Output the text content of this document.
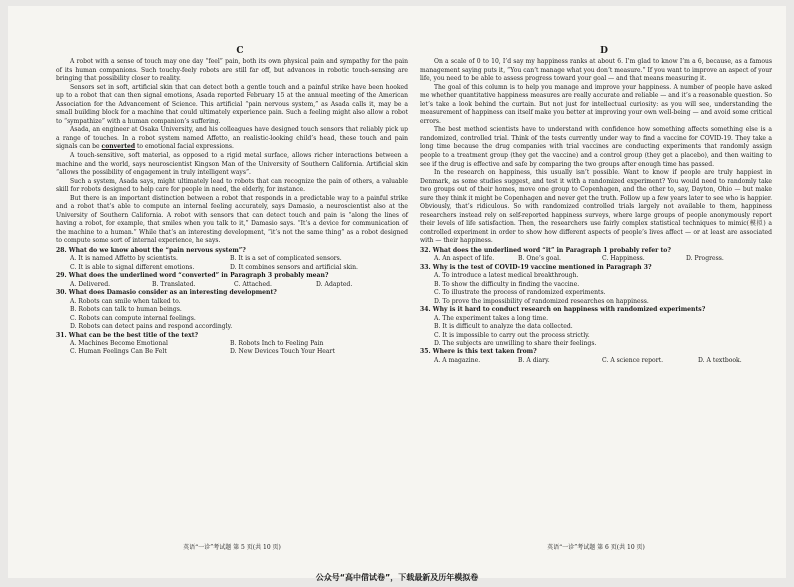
C

A robot with a sense of touch may one day “feel” pain, both its own physical pain and sympathy for the pain of its human companions. Such touchy-feely robots are still far off, but advances in robotic touch-sensing are bringing that possibility closer to reality.

Sensors set in soft, artificial skin that can detect both a gentle touch and a painful strike have been hooked up to a robot that can then signal emotions, Asada reported February 15 at the annual meeting of the American Association for the Advancement of Science. This artificial “pain nervous system,” as Asada calls it, may be a small building block for a machine that could ultimately experience pain. Such a feeling might also allow a robot to “sympathize” with a human companion’s suffering.

Asada, an engineer at Osaka University, and his colleagues have designed touch sensors that reliably pick up a range of touches. In a robot system named Affetto, an realistic-looking child’s head, these touch and pain signals can be converted to emotional facial expressions.

A touch-sensitive, soft material, as opposed to a rigid metal surface, allows richer interactions between a machine and the world, says neuroscientist Kingson Man of the University of Southern California. Artificial skin “allows the possibility of engagement in truly intelligent ways”.

Such a system, Asada says, might ultimately lead to robots that can recognize the pain of others, a valuable skill for robots designed to help care for people in need, the elderly, for instance.

But there is an important distinction between a robot that responds in a predictable way to a painful strike and a robot that’s able to compute an internal feeling accurately, says Damasio, a neuroscientist also at the University of Southern California. A robot with sensors that can detect touch and pain is “along the lines of having a robot, for example, that smiles when you talk to it,” Damasio says. “It’s a device for communication of the machine to a human.” While that’s an interesting development, “it’s not the same thing” as a robot designed to compute some sort of internal experience, he says.

28. What do we know about the “pain nervous system”?
A. It is named Affetto by scientists.	B. It is a set of complicated sensors.
C. It is able to signal different emotions.	D. It combines sensors and artificial skin.
29. What does the underlined word “converted” in Paragraph 3 probably mean?
A. Delivered.	B. Translated.	C. Attached.	D. Adapted.
30. What does Damasio consider as an interesting development?
A. Robots can smile when talked to.
B. Robots can talk to human beings.
C. Robots can compute internal feelings.
D. Robots can detect pains and respond accordingly.
31. What can be the best title of the text?
A. Machines Become Emotional	B. Robots Inch to Feeling Pain
C. Human Feelings Can Be Felt	D. New Devices Touch Your Heart
英语“一诊”考试题 第 5 页(共 10 页)
D

On a scale of 0 to 10, I’d say my happiness ranks at about 6. I’m glad to know I’m a 6, because, as a famous management saying puts it, “You can’t manage what you don’t measure.” If you want to improve an aspect of your life, you need to be able to assess progress toward your goal — and that means measuring it.

The goal of this column is to help you manage and improve your happiness. A number of people have asked me whether quantitative happiness measures are really accurate and reliable — and it’s a reasonable question. So let’s take a look behind the curtain. But not just for intellectual curiosity: as you will see, understanding the measurement of happiness can itself make you better at improving your own well-being — and avoid some critical errors.

The best method scientists have to understand with confidence how something affects something else is a randomized, controlled trial. Think of the tests currently under way to find a vaccine for COVID-19. They take a long time because the drug companies with trial vaccines are conducting experiments that randomly assign people to a treatment group (they get the vaccine) and a control group (they get a placebo), and then waiting to see if the drug is effective and safe by comparing the two groups after enough time has passed.

In the research on happiness, this usually isn’t possible. Want to know if people are truly happiest in Denmark, as some studies suggest, and test it with a randomized experiment? You would need to randomly take two groups out of their homes, move one group to Copenhagen, and the other to, say, Dayton, Ohio — but make sure they think it might be Copenhagen and never get the truth. Follow up a few years later to see who is happier. Obviously, that’s ridiculous. So with randomized controlled trials largely not available to them, happiness researchers instead rely on self-reported happiness surveys, where large groups of people anonymously report their levels of life satisfaction. Then, the researchers use fairly complex statistical techniques to mimic(模拟) a controlled experiment in order to show how different aspects of people’s lives affect — or at least are associated with — their happiness.

32. What does the underlined word “it” in Paragraph 1 probably refer to?
A. An aspect of life.	B. One’s goal.	C. Happiness.	D. Progress.
33. Why is the test of COVID-19 vaccine mentioned in Paragraph 3?
A. To introduce a latest medical breakthrough.
B. To show the difficulty in finding the vaccine.
C. To illustrate the process of randomized experiments.
D. To prove the impossibility of randomized researches on happiness.
34. Why is it hard to conduct research on happiness with randomized experiments?
A. The experiment takes a long time.
B. It is difficult to analyze the data collected.
C. It is impossible to carry out the process strictly.
D. The subjects are unwilling to share their feelings.
35. Where is this text taken from?
A. A magazine.	B. A diary.	C. A science report.	D. A textbook.
英语“一诊”考试题 第 6 页(共 10 页)
公众号“高中借试卷”，下载最新及历年模拟卷
